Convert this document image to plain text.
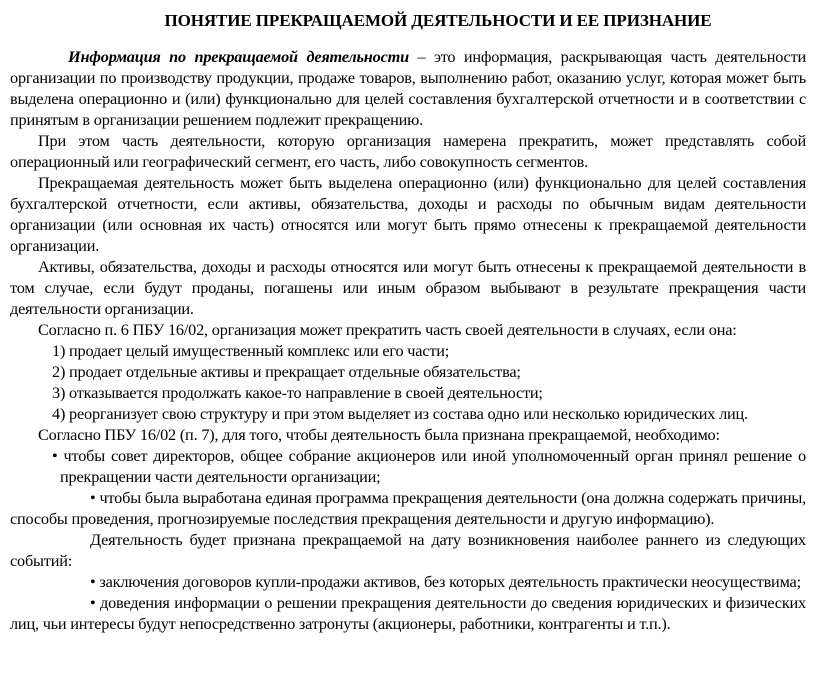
ПОНЯТИЕ ПРЕКРАЩАЕМОЙ ДЕЯТЕЛЬНОСТИ И ЕЕ ПРИЗНАНИЕ

Информация по прекращаемой деятельности – это информация, раскрывающая часть деятельности организации по производству продукции, продаже товаров, выполнению работ, оказанию услуг, которая может быть выделена операционно и (или) функционально для целей составления бухгалтерской отчетности и в соответствии с принятым в организации решением подлежит прекращению.

При этом часть деятельности, которую организация намерена прекратить, может представлять собой операционный или географический сегмент, его часть, либо совокупность сегментов.

Прекращаемая деятельность может быть выделена операционно (или) функционально для целей составления бухгалтерской отчетности, если активы, обязательства, доходы и расходы по обычным видам деятельности организации (или основная их часть) относятся или могут быть прямо отнесены к прекращаемой деятельности организации.

Активы, обязательства, доходы и расходы относятся или могут быть отнесены к прекращаемой деятельности в том случае, если будут проданы, погашены или иным образом выбывают в результате прекращения части деятельности организации.

Согласно п. 6 ПБУ 16/02, организация может прекратить часть своей деятельности в случаях, если она:

1) продает целый имущественный комплекс или его части;

2) продает отдельные активы и прекращает отдельные обязательства;

3) отказывается продолжать какое-то направление в своей деятельности;

4) реорганизует свою структуру и при этом выделяет из состава одно или несколько юридических лиц.

Согласно ПБУ 16/02 (п. 7), для того, чтобы деятельность была признана прекращаемой, необходимо:

• чтобы совет директоров, общее собрание акционеров или иной уполномоченный орган принял решение о прекращении части деятельности организации;

• чтобы была выработана единая программа прекращения деятельности (она должна содержать причины, способы проведения, прогнозируемые последствия прекращения деятельности и другую информацию).

Деятельность будет признана прекращаемой на дату возникновения наиболее раннего из следующих событий:

• заключения договоров купли-продажи активов, без которых деятельность практически неосуществима;

• доведения информации о решении прекращения деятельности до сведения юридических и физических лиц, чьи интересы будут непосредственно затронуты (акционеры, работники, контрагенты и т.п.).
